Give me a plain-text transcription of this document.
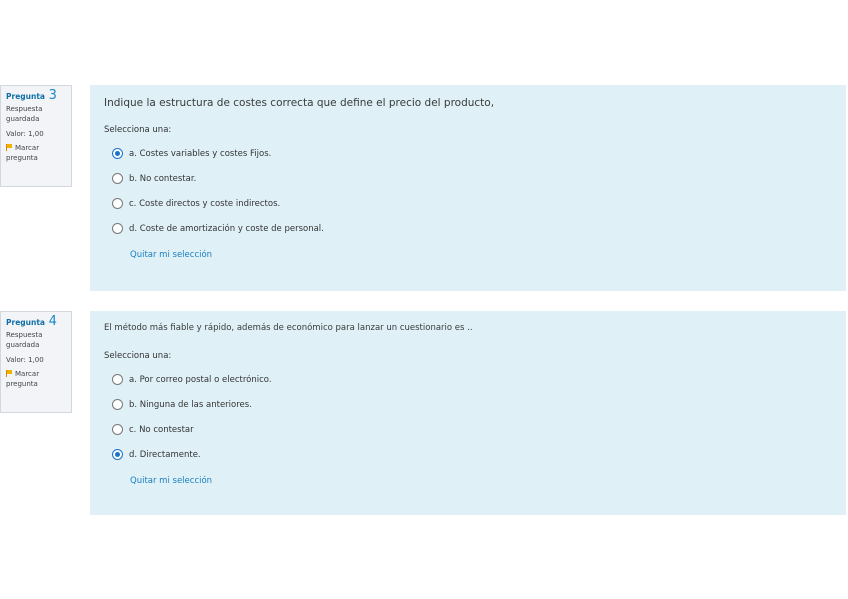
Pregunta 3
Respuesta guardada
Valor: 1,00
Marcar pregunta
Indique la estructura de costes correcta que define el precio del producto,
Selecciona una:
a. Costes variables y costes Fijos.
b. No contestar.
c. Coste directos y coste indirectos.
d. Coste de amortización y coste de personal.
Quitar mi selección
Pregunta 4
Respuesta guardada
Valor: 1,00
Marcar pregunta
El método más fiable y rápido, además de económico para lanzar un cuestionario es ..
Selecciona una:
a. Por correo postal o electrónico.
b. Ninguna de las anteriores.
c. No contestar
d. Directamente.
Quitar mi selección
